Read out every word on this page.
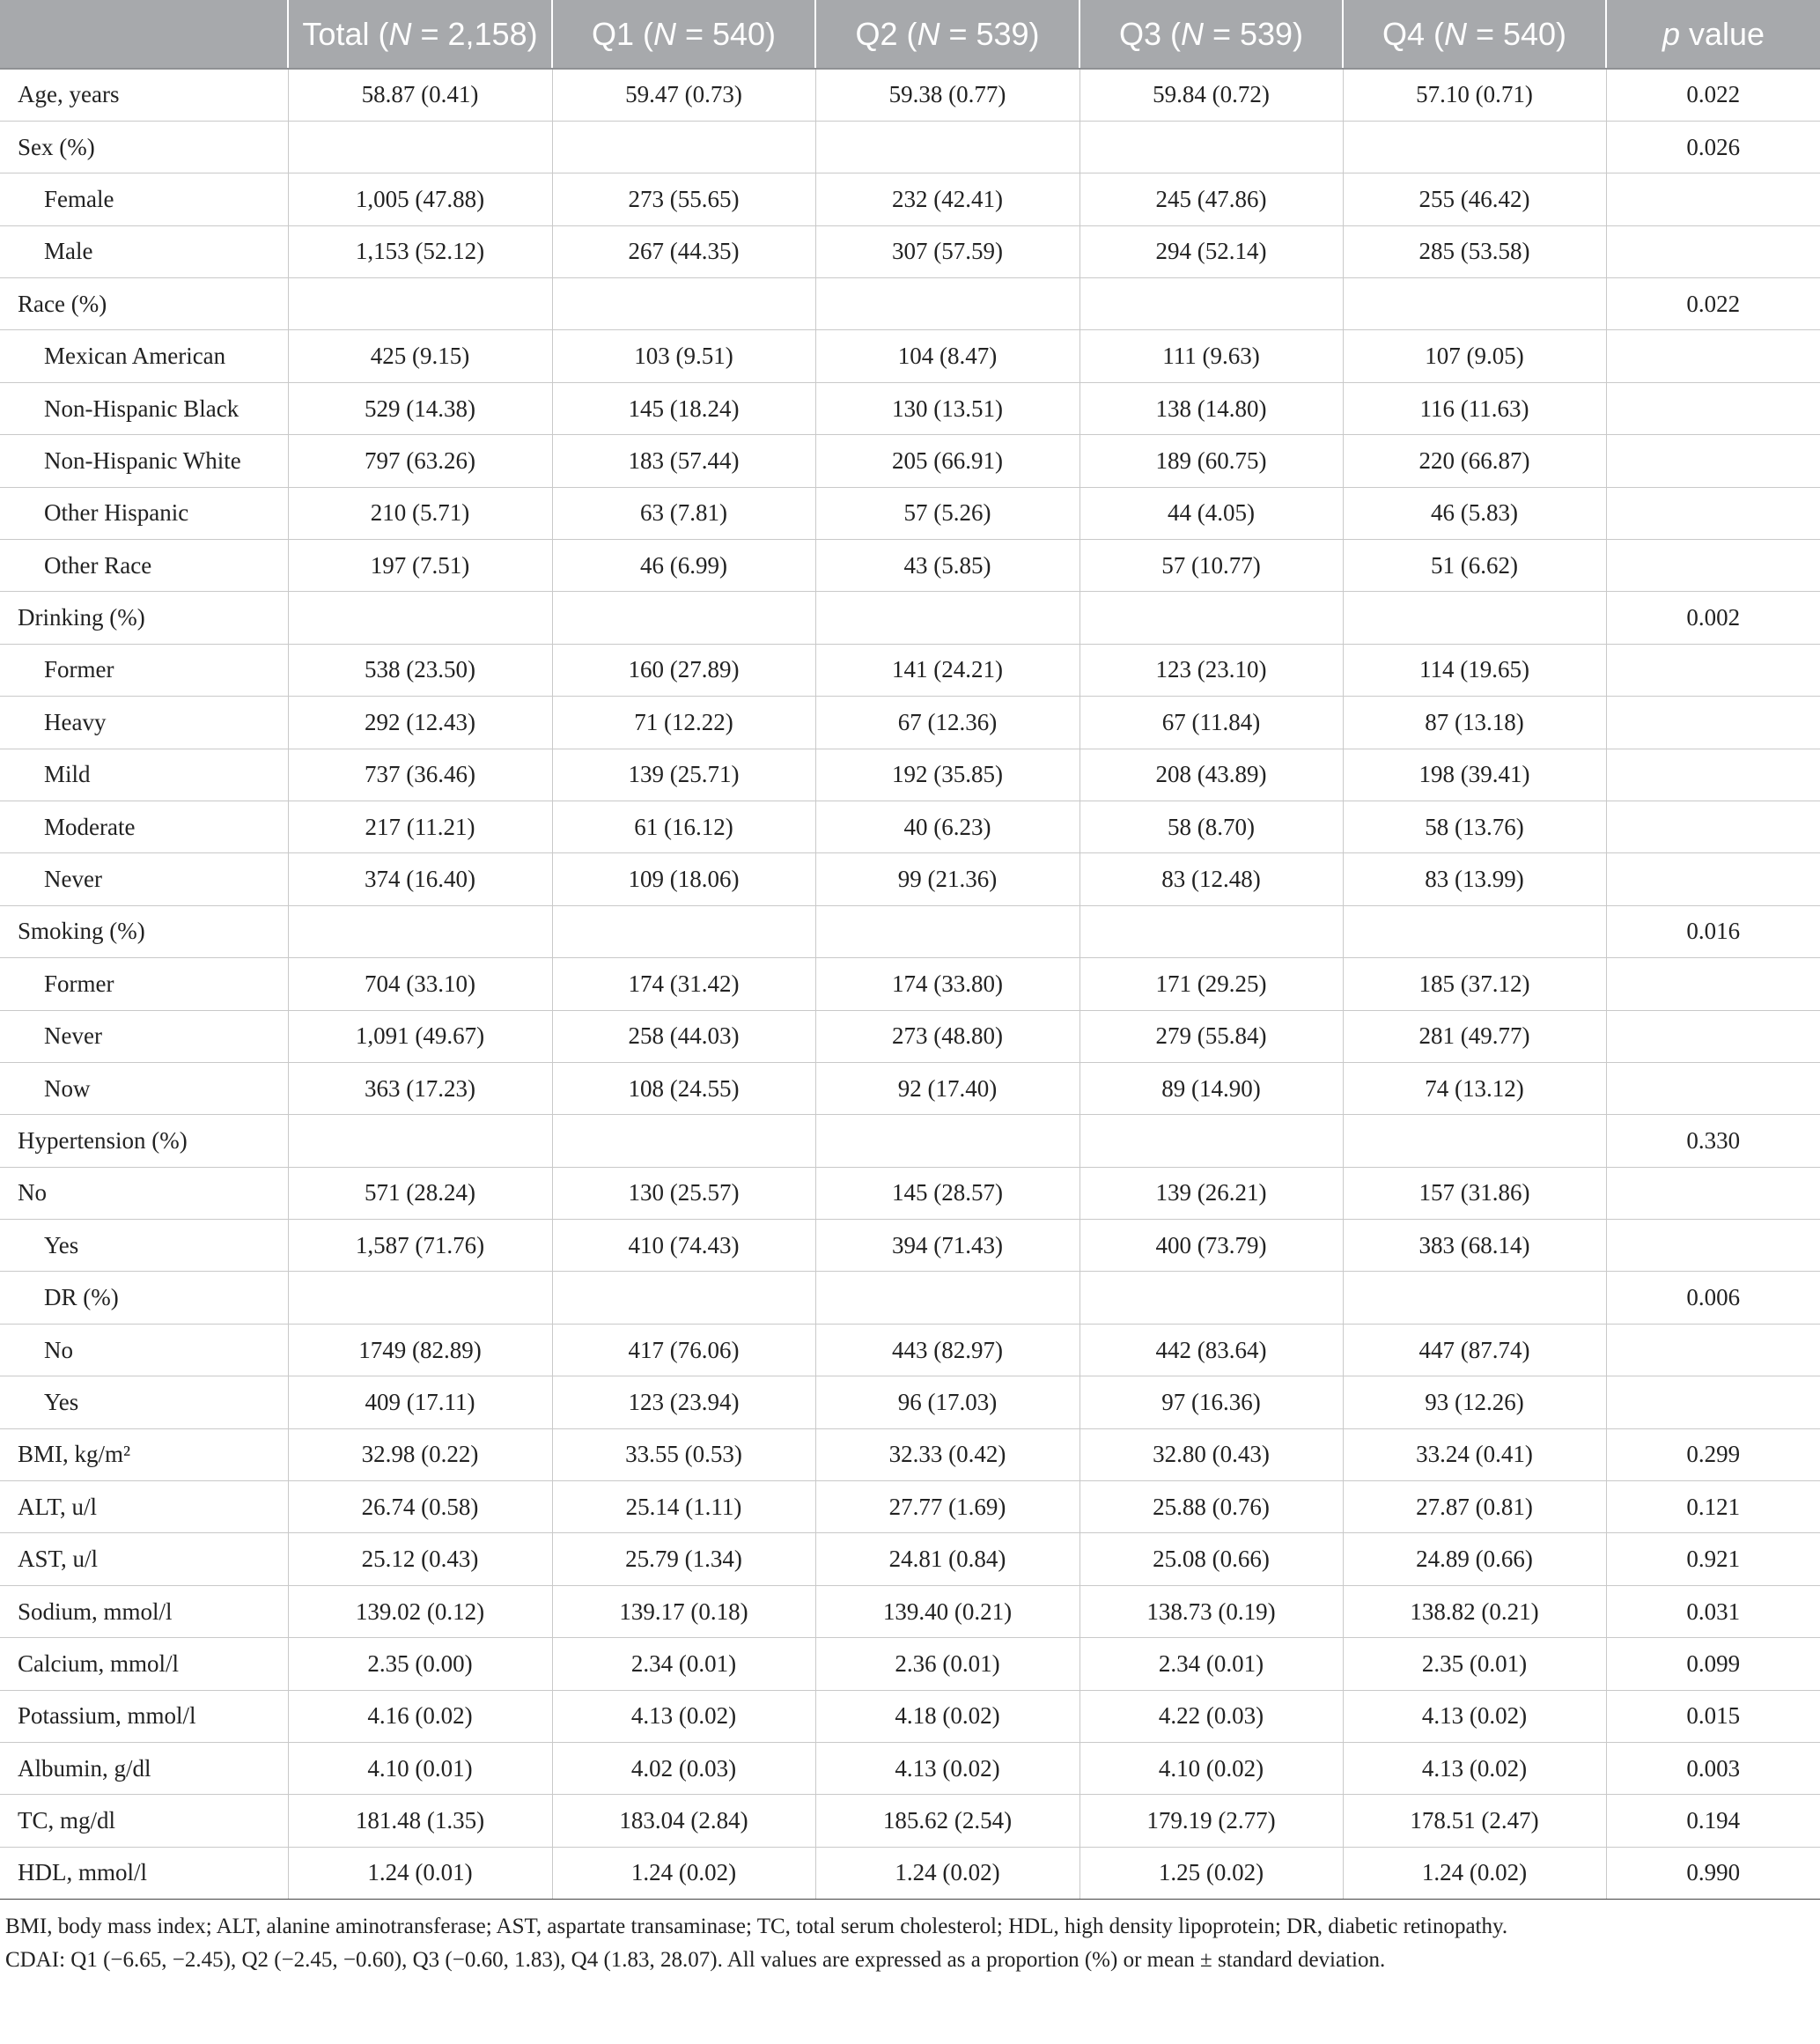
	Total (N = 2,158)	Q1 (N = 540)	Q2 (N = 539)	Q3 (N = 539)	Q4 (N = 540)	p value
Age, years	58.87 (0.41)	59.47 (0.73)	59.38 (0.77)	59.84 (0.72)	57.10 (0.71)	0.022
Sex (%)						0.026
Female	1,005 (47.88)	273 (55.65)	232 (42.41)	245 (47.86)	255 (46.42)	
Male	1,153 (52.12)	267 (44.35)	307 (57.59)	294 (52.14)	285 (53.58)	
Race (%)						0.022
Mexican American	425 (9.15)	103 (9.51)	104 (8.47)	111 (9.63)	107 (9.05)	
Non-Hispanic Black	529 (14.38)	145 (18.24)	130 (13.51)	138 (14.80)	116 (11.63)	
Non-Hispanic White	797 (63.26)	183 (57.44)	205 (66.91)	189 (60.75)	220 (66.87)	
Other Hispanic	210 (5.71)	63 (7.81)	57 (5.26)	44 (4.05)	46 (5.83)	
Other Race	197 (7.51)	46 (6.99)	43 (5.85)	57 (10.77)	51 (6.62)	
Drinking (%)						0.002
Former	538 (23.50)	160 (27.89)	141 (24.21)	123 (23.10)	114 (19.65)	
Heavy	292 (12.43)	71 (12.22)	67 (12.36)	67 (11.84)	87 (13.18)	
Mild	737 (36.46)	139 (25.71)	192 (35.85)	208 (43.89)	198 (39.41)	
Moderate	217 (11.21)	61 (16.12)	40 (6.23)	58 (8.70)	58 (13.76)	
Never	374 (16.40)	109 (18.06)	99 (21.36)	83 (12.48)	83 (13.99)	
Smoking (%)						0.016
Former	704 (33.10)	174 (31.42)	174 (33.80)	171 (29.25)	185 (37.12)	
Never	1,091 (49.67)	258 (44.03)	273 (48.80)	279 (55.84)	281 (49.77)	
Now	363 (17.23)	108 (24.55)	92 (17.40)	89 (14.90)	74 (13.12)	
Hypertension (%)						0.330
No	571 (28.24)	130 (25.57)	145 (28.57)	139 (26.21)	157 (31.86)	
Yes	1,587 (71.76)	410 (74.43)	394 (71.43)	400 (73.79)	383 (68.14)	
DR (%)						0.006
No	1749 (82.89)	417 (76.06)	443 (82.97)	442 (83.64)	447 (87.74)	
Yes	409 (17.11)	123 (23.94)	96 (17.03)	97 (16.36)	93 (12.26)	
BMI, kg/m²	32.98 (0.22)	33.55 (0.53)	32.33 (0.42)	32.80 (0.43)	33.24 (0.41)	0.299
ALT, u/l	26.74 (0.58)	25.14 (1.11)	27.77 (1.69)	25.88 (0.76)	27.87 (0.81)	0.121
AST, u/l	25.12 (0.43)	25.79 (1.34)	24.81 (0.84)	25.08 (0.66)	24.89 (0.66)	0.921
Sodium, mmol/l	139.02 (0.12)	139.17 (0.18)	139.40 (0.21)	138.73 (0.19)	138.82 (0.21)	0.031
Calcium, mmol/l	2.35 (0.00)	2.34 (0.01)	2.36 (0.01)	2.34 (0.01)	2.35 (0.01)	0.099
Potassium, mmol/l	4.16 (0.02)	4.13 (0.02)	4.18 (0.02)	4.22 (0.03)	4.13 (0.02)	0.015
Albumin, g/dl	4.10 (0.01)	4.02 (0.03)	4.13 (0.02)	4.10 (0.02)	4.13 (0.02)	0.003
TC, mg/dl	181.48 (1.35)	183.04 (2.84)	185.62 (2.54)	179.19 (2.77)	178.51 (2.47)	0.194
HDL, mmol/l	1.24 (0.01)	1.24 (0.02)	1.24 (0.02)	1.25 (0.02)	1.24 (0.02)	0.990
BMI, body mass index; ALT, alanine aminotransferase; AST, aspartate transaminase; TC, total serum cholesterol; HDL, high density lipoprotein; DR, diabetic retinopathy.
CDAI: Q1 (−6.65, −2.45), Q2 (−2.45, −0.60), Q3 (−0.60, 1.83), Q4 (1.83, 28.07). All values are expressed as a proportion (%) or mean ± standard deviation.
